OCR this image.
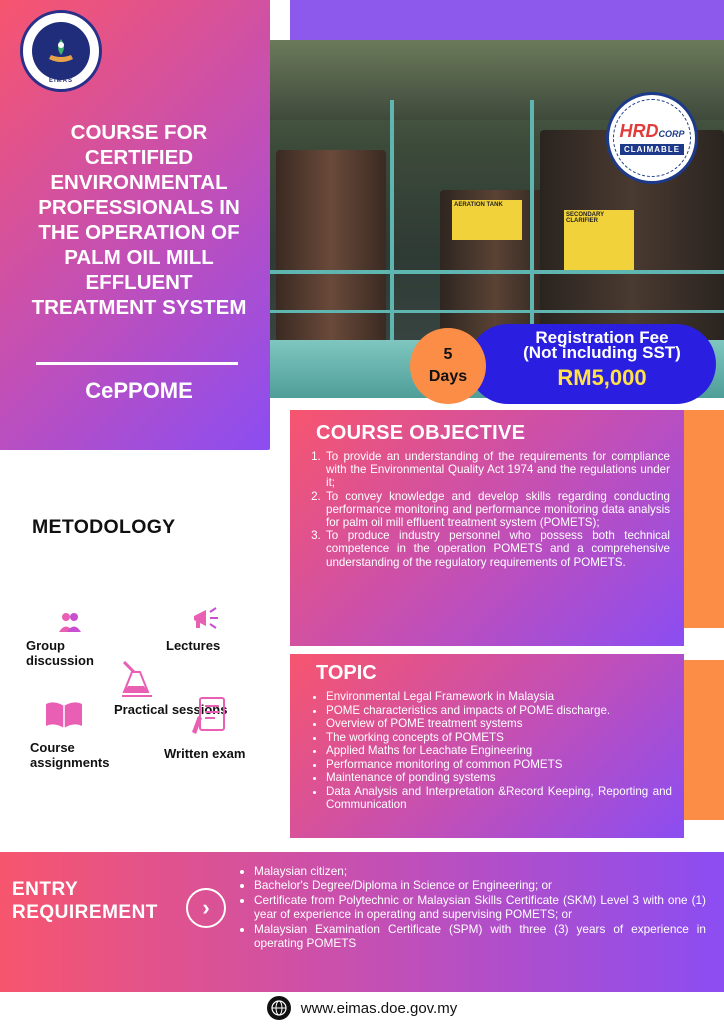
EiMAS
COURSE FOR CERTIFIED ENVIRONMENTAL PROFESSIONALS IN THE OPERATION OF PALM OIL MILL EFFLUENT TREATMENT SYSTEM
CePPOME
AERATION TANK
SECONDARY CLARIFIER
HRDCORP
CLAIMABLE
Registration Fee
(Not including SST)
RM5,000
5
Days
COURSE OBJECTIVE
1. To provide an understanding of the requirements for compliance with the Environmental Quality Act 1974 and the regulations under it;
2. To convey knowledge and develop skills regarding conducting performance monitoring and performance monitoring data analysis for palm oil mill effluent treatment system (POMETS);
3. To produce industry personnel who possess both technical competence in the operation POMETS and a comprehensive understanding of the regulatory requirements of POMETS.
TOPIC
• Environmental Legal Framework in Malaysia
• POME characteristics and impacts of POME discharge.
• Overview of POME treatment systems
• The working concepts of POMETS
• Applied Maths for Leachate Engineering
• Performance monitoring of common POMETS
• Maintenance of ponding systems
• Data Analysis and Interpretation &Record Keeping, Reporting and Communication
METODOLOGY
Group discussion
Lectures
Practical sessions
Course assignments
Written exam
ENTRY REQUIREMENT	›
• Malaysian citizen;
• Bachelor's Degree/Diploma in Science or Engineering; or
• Certificate from Polytechnic or Malaysian Skills Certificate (SKM) Level 3 with one (1) year of experience in operating and supervising POMETS; or
• Malaysian Examination Certificate (SPM) with three (3) years of experience in operating POMETS
www.eimas.doe.gov.my
